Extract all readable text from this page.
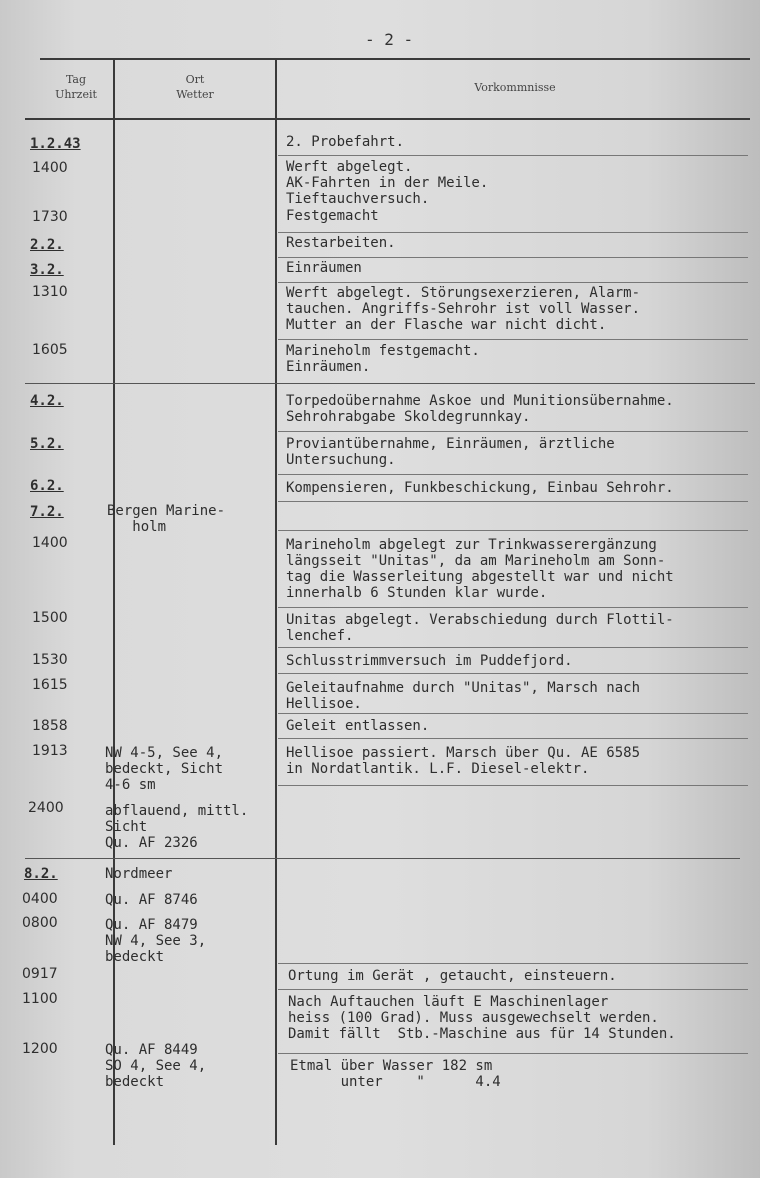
- 2 -
Tag
Uhrzeit
Ort
Wetter
Vorkommnisse
1.2.43
2.2.
3.2.
4.2.
5.2.
6.2.
7.2.
8.2.
1400
1730
1310
1605
1400
1500
1530
1615
1858
1913
2400
0400
0800
0917
1100
1200
Bergen Marine-
holm
NW 4-5, See 4,
bedeckt, Sicht
4-6 sm
abflauend, mittl.
Sicht
Qu. AF 2326
Nordmeer
Qu. AF 8746
Qu. AF 8479
NW 4, See 3,
bedeckt
Qu. AF 8449
SO 4, See 4,
bedeckt
2. Probefahrt.
Werft abgelegt.
AK-Fahrten in der Meile.
Tieftauchversuch.
Festgemacht
Restarbeiten.
Einräumen
Werft abgelegt. Störungsexerzieren, Alarm-
tauchen. Angriffs-Sehrohr ist voll Wasser.
Mutter an der Flasche war nicht dicht.
Marineholm festgemacht.
Einräumen.
Torpedoübernahme Askoe und Munitionsübernahme.
Sehrohrabgabe Skoldegrunnkay.
Proviantübernahme, Einräumen, ärztliche
Untersuchung.
Kompensieren, Funkbeschickung, Einbau Sehrohr.
Marineholm abgelegt zur Trinkwasserergänzung
längsseit "Unitas", da am Marineholm am Sonn-
tag die Wasserleitung abgestellt war und nicht
innerhalb 6 Stunden klar wurde.
Unitas abgelegt. Verabschiedung durch Flottil-
lenchef.
Schlusstrimmversuch im Puddefjord.
Geleitaufnahme durch "Unitas", Marsch nach
Hellisoe.
Geleit entlassen.
Hellisoe passiert. Marsch über Qu. AE 6585
in Nordatlantik. L.F. Diesel-elektr.
Ortung im Gerät , getaucht, einsteuern.
Nach Auftauchen läuft E Maschinenlager
heiss (100 Grad). Muss ausgewechselt werden.
Damit fällt  Stb.-Maschine aus für 14 Stunden.
Etmal über Wasser 182 sm
unter    "      4.4
